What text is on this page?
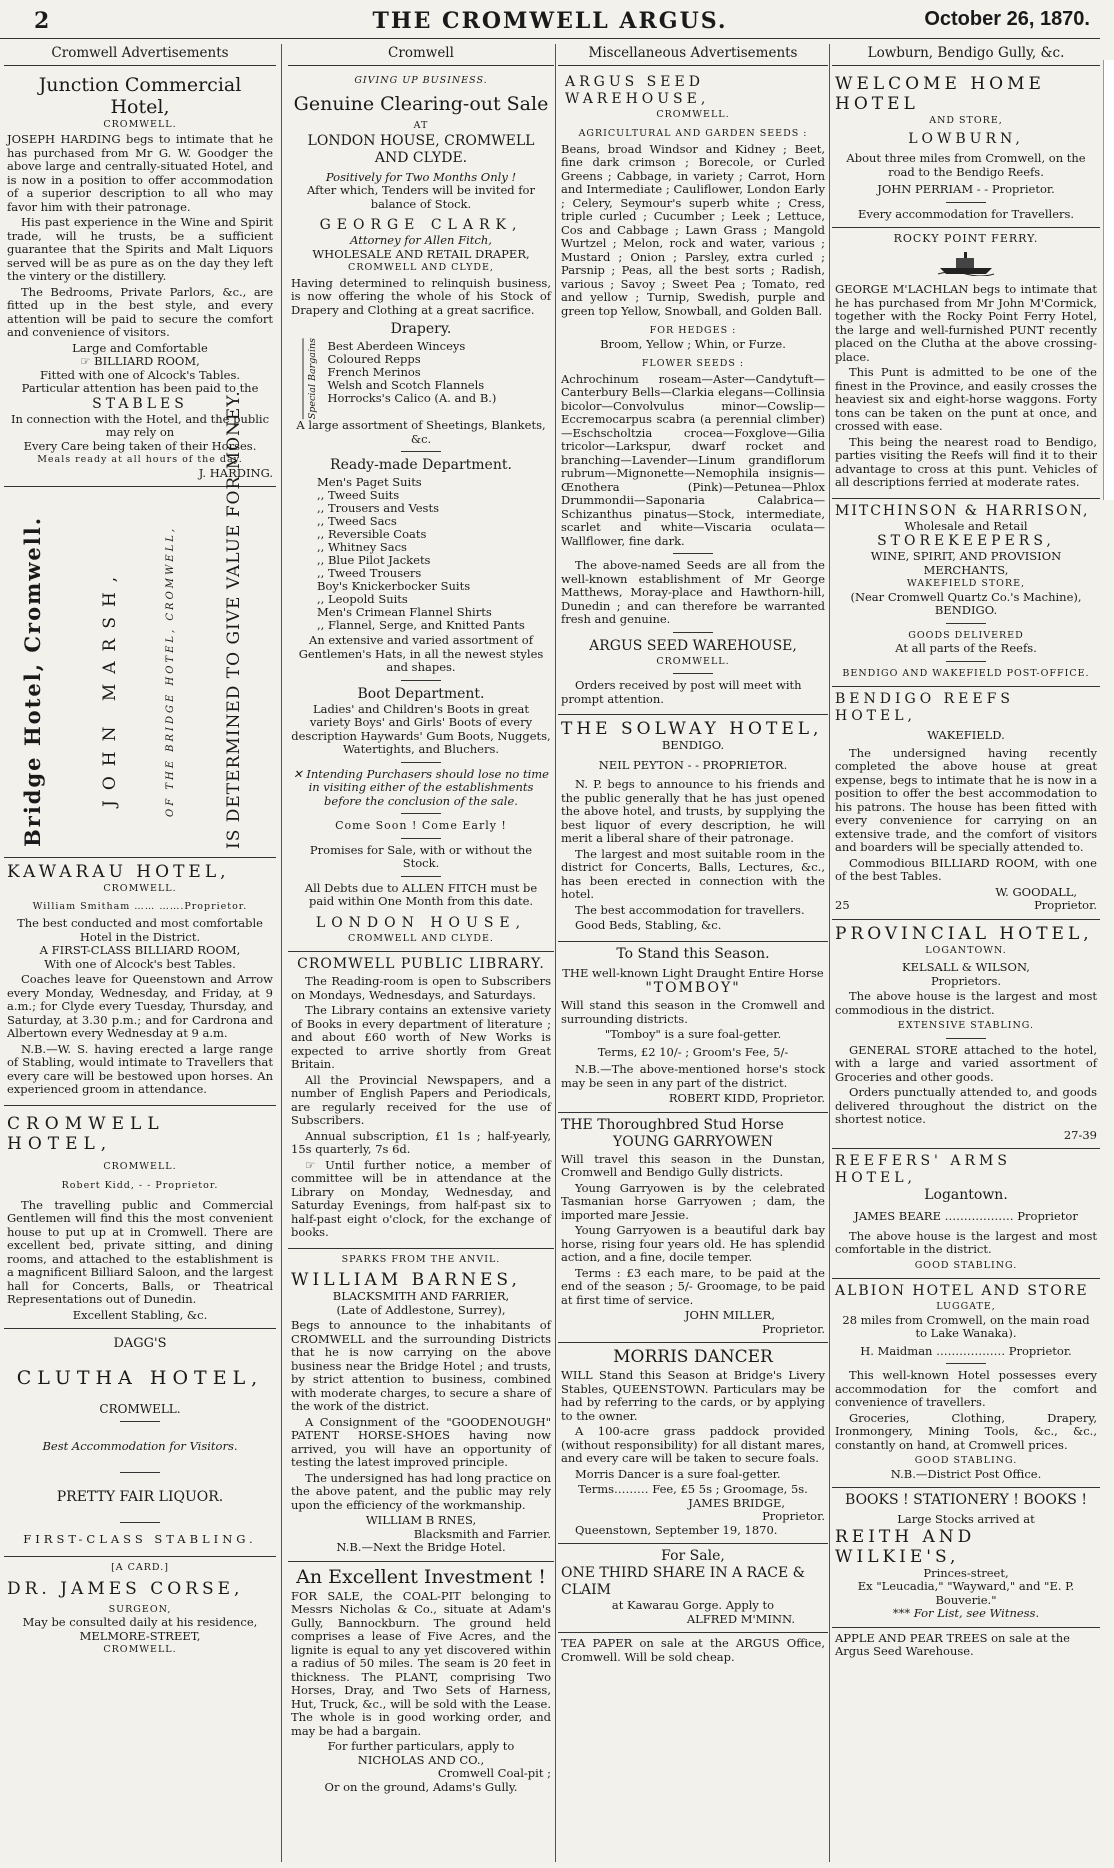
2	THE CROMWELL ARGUS.	October 26, 1870.
Cromwell Advertisements
Junction Commercial Hotel,
CROMWELL.

JOSEPH HARDING begs to intimate that he has purchased from Mr G. W. Goodger the above large and centrally-situated Hotel, and is now in a position to offer accommodation of a superior description to all who may favor him with their patronage.

His past experience in the Wine and Spirit trade, will he trusts, be a sufficient guarantee that the Spirits and Malt Liquors served will be as pure as on the day they left the vintery or the distillery.

The Bedrooms, Private Parlors, &c., are fitted up in the best style, and every attention will be paid to secure the comfort and convenience of visitors.

Large and Comfortable
☞ BILLIARD ROOM,
Fitted with one of Alcock's Tables.
Particular attention has been paid to the
STABLES
In connection with the Hotel, and the public may rely on
Every Care being taken of their Horses.
Meals ready at all hours of the day.
J. HARDING.
Bridge Hotel, Cromwell.	JOHN MARSH,	OF THE BRIDGE HOTEL, CROMWELL,	IS DETERMINED TO GIVE VALUE FOR MONEY.
KAWARAU HOTEL,
CROMWELL.
William Smitham …… …….Proprietor.
The best conducted and most comfortable Hotel in the District.
A FIRST-CLASS BILLIARD ROOM,
With one of Alcock's best Tables.

Coaches leave for Queenstown and Arrow every Monday, Wednesday, and Friday, at 9 a.m.; for Clyde every Tuesday, Thursday, and Saturday, at 3.30 p.m.; and for Cardrona and Albertown every Wednesday at 9 a.m.

N.B.—W. S. having erected a large range of Stabling, would intimate to Travellers that every care will be bestowed upon horses. An experienced groom in attendance.

CROMWELL HOTEL,
CROMWELL.
Robert Kidd, - - Proprietor.

The travelling public and Commercial Gentlemen will find this the most convenient house to put up at in Cromwell. There are excellent bed, private sitting, and dining rooms, and attached to the establishment is a magnificent Billiard Saloon, and the largest hall for Concerts, Balls, or Theatrical Representations out of Dunedin.

Excellent Stabling, &c.
DAGG'S
CLUTHA HOTEL,
CROMWELL.
Best Accommodation for Visitors.
PRETTY FAIR LIQUOR.
FIRST-CLASS STABLING.
[A CARD.]
DR. JAMES CORSE,
SURGEON,
May be consulted daily at his residence,
MELMORE-STREET,
CROMWELL.
Cromwell
GIVING UP BUSINESS.
Genuine Clearing-out Sale
AT
LONDON HOUSE, CROMWELL AND CLYDE.
Positively for Two Months Only !
After which, Tenders will be invited for balance of Stock.
GEORGE CLARK,
Attorney for Allen Fitch,
WHOLESALE AND RETAIL DRAPER,
CROMWELL AND CLYDE,

Having determined to relinquish business, is now offering the whole of his Stock of Drapery and Clothing at a great sacrifice.

Drapery.
Special Bargains Best Aberdeen Winceys
Coloured Repps
French Merinos
Welsh and Scotch Flannels
Horrocks's Calico (A. and B.)
A large assortment of Sheetings, Blankets, &c.
Ready-made Department.
Men's Paget Suits
,, Tweed Suits
,, Trousers and Vests
,, Tweed Sacs
,, Reversible Coats
,, Whitney Sacs
,, Blue Pilot Jackets
,, Tweed Trousers
Boy's Knickerbocker Suits
,, Leopold Suits
Men's Crimean Flannel Shirts
,, Flannel, Serge, and Knitted Pants
An extensive and varied assortment of Gentlemen's Hats, in all the newest styles and shapes.
Boot Department.
Ladies' and Children's Boots in great variety Boys' and Girls' Boots of every description Haywards' Gum Boots, Nuggets, Watertights, and Bluchers.
✕ Intending Purchasers should lose no time in visiting either of the establishments before the conclusion of the sale.
Come Soon ! Come Early !
Promises for Sale, with or without the Stock.
All Debts due to ALLEN FITCH must be paid within One Month from this date.
LONDON HOUSE,
CROMWELL AND CLYDE.
CROMWELL PUBLIC LIBRARY.

The Reading-room is open to Subscribers on Mondays, Wednesdays, and Saturdays.

The Library contains an extensive variety of Books in every department of literature ; and about £60 worth of New Works is expected to arrive shortly from Great Britain.

All the Provincial Newspapers, and a number of English Papers and Periodicals, are regularly received for the use of Subscribers.

Annual subscription, £1 1s ; half-yearly, 15s quarterly, 7s 6d.

☞ Until further notice, a member of committee will be in attendance at the Library on Monday, Wednesday, and Saturday Evenings, from half-past six to half-past eight o'clock, for the exchange of books.

SPARKS FROM THE ANVIL.
WILLIAM BARNES,
BLACKSMITH AND FARRIER,
(Late of Addlestone, Surrey),

Begs to announce to the inhabitants of CROMWELL and the surrounding Districts that he is now carrying on the above business near the Bridge Hotel ; and trusts, by strict attention to business, combined with moderate charges, to secure a share of the work of the district.

A Consignment of the "GOODENOUGH" PATENT HORSE-SHOES having now arrived, you will have an opportunity of testing the latest improved principle.

The undersigned has had long practice on the above patent, and the public may rely upon the efficiency of the workmanship.

WILLIAM B RNES,
Blacksmith and Farrier.
N.B.—Next the Bridge Hotel.
An Excellent Investment !

FOR SALE, the COAL-PIT belonging to Messrs Nicholas & Co., situate at Adam's Gully, Bannockburn. The ground held comprises a lease of Five Acres, and the lignite is equal to any yet discovered within a radius of 50 miles. The seam is 20 feet in thickness. The PLANT, comprising Two Horses, Dray, and Two Sets of Harness, Hut, Truck, &c., will be sold with the Lease. The whole is in good working order, and may be had a bargain.

For further particulars, apply to
NICHOLAS AND CO.,
Cromwell Coal-pit ;
Or on the ground, Adams's Gully.
Miscellaneous Advertisements
ARGUS SEED WAREHOUSE,
CROMWELL.
AGRICULTURAL AND GARDEN SEEDS :

Beans, broad Windsor and Kidney ; Beet, fine dark crimson ; Borecole, or Curled Greens ; Cabbage, in variety ; Carrot, Horn and Intermediate ; Cauliflower, London Early ; Celery, Seymour's superb white ; Cress, triple curled ; Cucumber ; Leek ; Lettuce, Cos and Cabbage ; Lawn Grass ; Mangold Wurtzel ; Melon, rock and water, various ; Mustard ; Onion ; Parsley, extra curled ; Parsnip ; Peas, all the best sorts ; Radish, various ; Savoy ; Sweet Pea ; Tomato, red and yellow ; Turnip, Swedish, purple and green top Yellow, Snowball, and Golden Ball.

FOR HEDGES :
Broom, Yellow ; Whin, or Furze.
FLOWER SEEDS :

Achrochinum roseam—Aster—Candytuft—Canterbury Bells—Clarkia elegans—Collinsia bicolor—Convolvulus minor—Cowslip—Eccremocarpus scabra (a perennial climber)—Eschscholtzia crocea—Foxglove—Gilia tricolor—Larkspur, dwarf rocket and branching—Lavender—Linum grandiflorum rubrum—Mignonette—Nemophila insignis—Œnothera (Pink)—Petunea—Phlox Drummondii—Saponaria Calabrica—Schizanthus pinatus—Stock, intermediate, scarlet and white—Viscaria oculata—Wallflower, fine dark.

The above-named Seeds are all from the well-known establishment of Mr George Matthews, Moray-place and Hawthorn-hill, Dunedin ; and can therefore be warranted fresh and genuine.

ARGUS SEED WAREHOUSE,
CROMWELL.

Orders received by post will meet with prompt attention.

THE SOLWAY HOTEL,
BENDIGO.
NEIL PEYTON - - PROPRIETOR.

N. P. begs to announce to his friends and the public generally that he has just opened the above hotel, and trusts, by supplying the best liquor of every description, he will merit a liberal share of their patronage.

The largest and most suitable room in the district for Concerts, Balls, Lectures, &c., has been erected in connection with the hotel.

The best accommodation for travellers.

Good Beds, Stabling, &c.

To Stand this Season.
THE well-known Light Draught Entire Horse
"TOMBOY"

Will stand this season in the Cromwell and surrounding districts.

"Tomboy" is a sure foal-getter.
Terms, £2 10/- ; Groom's Fee, 5/-

N.B.—The above-mentioned horse's stock may be seen in any part of the district.

ROBERT KIDD, Proprietor.
THE Thoroughbred Stud Horse
YOUNG GARRYOWEN

Will travel this season in the Dunstan, Cromwell and Bendigo Gully districts.

Young Garryowen is by the celebrated Tasmanian horse Garryowen ; dam, the imported mare Jessie.

Young Garryowen is a beautiful dark bay horse, rising four years old. He has splendid action, and a fine, docile temper.

Terms : £3 each mare, to be paid at the end of the season ; 5/- Groomage, to be paid at first time of service.

JOHN MILLER,
Proprietor.
MORRIS DANCER

WILL Stand this Season at Bridge's Livery Stables, QUEENSTOWN. Particulars may be had by referring to the cards, or by applying to the owner.

A 100-acre grass paddock provided (without responsibility) for all distant mares, and every care will be taken to secure foals.

Morris Dancer is a sure foal-getter.

Terms……… Fee, £5 5s ; Groomage, 5s.
JAMES BRIDGE,
Proprietor.
Queenstown, September 19, 1870.
For Sale,
ONE THIRD SHARE IN A RACE & CLAIM
at Kawarau Gorge. Apply to
ALFRED M'MINN.
TEA PAPER on sale at the ARGUS Office, Cromwell. Will be sold cheap.
Lowburn, Bendigo Gully, &c.
WELCOME HOME HOTEL
AND STORE,
LOWBURN,
About three miles from Cromwell, on the road to the Bendigo Reefs.
JOHN PERRIAM - - Proprietor.
Every accommodation for Travellers.
ROCKY POINT FERRY.

GEORGE M'LACHLAN begs to intimate that he has purchased from Mr John M'Cormick, together with the Rocky Point Ferry Hotel, the large and well-furnished PUNT recently placed on the Clutha at the above crossing-place.

This Punt is admitted to be one of the finest in the Province, and easily crosses the heaviest six and eight-horse waggons. Forty tons can be taken on the punt at once, and crossed with ease.

This being the nearest road to Bendigo, parties visiting the Reefs will find it to their advantage to cross at this punt. Vehicles of all descriptions ferried at moderate rates.

MITCHINSON & HARRISON,
Wholesale and Retail
STOREKEEPERS,
WINE, SPIRIT, AND PROVISION MERCHANTS,
WAKEFIELD STORE,
(Near Cromwell Quartz Co.'s Machine),
BENDIGO.
GOODS DELIVERED
At all parts of the Reefs.
BENDIGO AND WAKEFIELD POST-OFFICE.
BENDIGO REEFS HOTEL,
WAKEFIELD.

The undersigned having recently completed the above house at great expense, begs to intimate that he is now in a position to offer the best accommodation to his patrons. The house has been fitted with every convenience for carrying on an extensive trade, and the comfort of visitors and boarders will be specially attended to.

Commodious BILLIARD ROOM, with one of the best Tables.

W. GOODALL,
25	Proprietor.
PROVINCIAL HOTEL,
LOGANTOWN.
KELSALL & WILSON,
Proprietors.

The above house is the largest and most commodious in the district.

EXTENSIVE STABLING.

GENERAL STORE attached to the hotel, with a large and varied assortment of Groceries and other goods.

Orders punctually attended to, and goods delivered throughout the district on the shortest notice.

27-39
REEFERS' ARMS HOTEL,
Logantown.
JAMES BEARE ……………… Proprietor

The above house is the largest and most comfortable in the district.

GOOD STABLING.
ALBION HOTEL AND STORE
LUGGATE,
28 miles from Cromwell, on the main road to Lake Wanaka).
H. Maidman ……………… Proprietor.

This well-known Hotel possesses every accommodation for the comfort and convenience of travellers.

Groceries, Clothing, Drapery, Ironmongery, Mining Tools, &c., &c., constantly on hand, at Cromwell prices.

GOOD STABLING.
N.B.—District Post Office.
BOOKS ! STATIONERY ! BOOKS !
Large Stocks arrived at
REITH AND WILKIE'S,
Princes-street,
Ex "Leucadia," "Wayward," and "E. P. Bouverie."
*** For List, see Witness.
APPLE AND PEAR TREES on sale at the Argus Seed Warehouse.
